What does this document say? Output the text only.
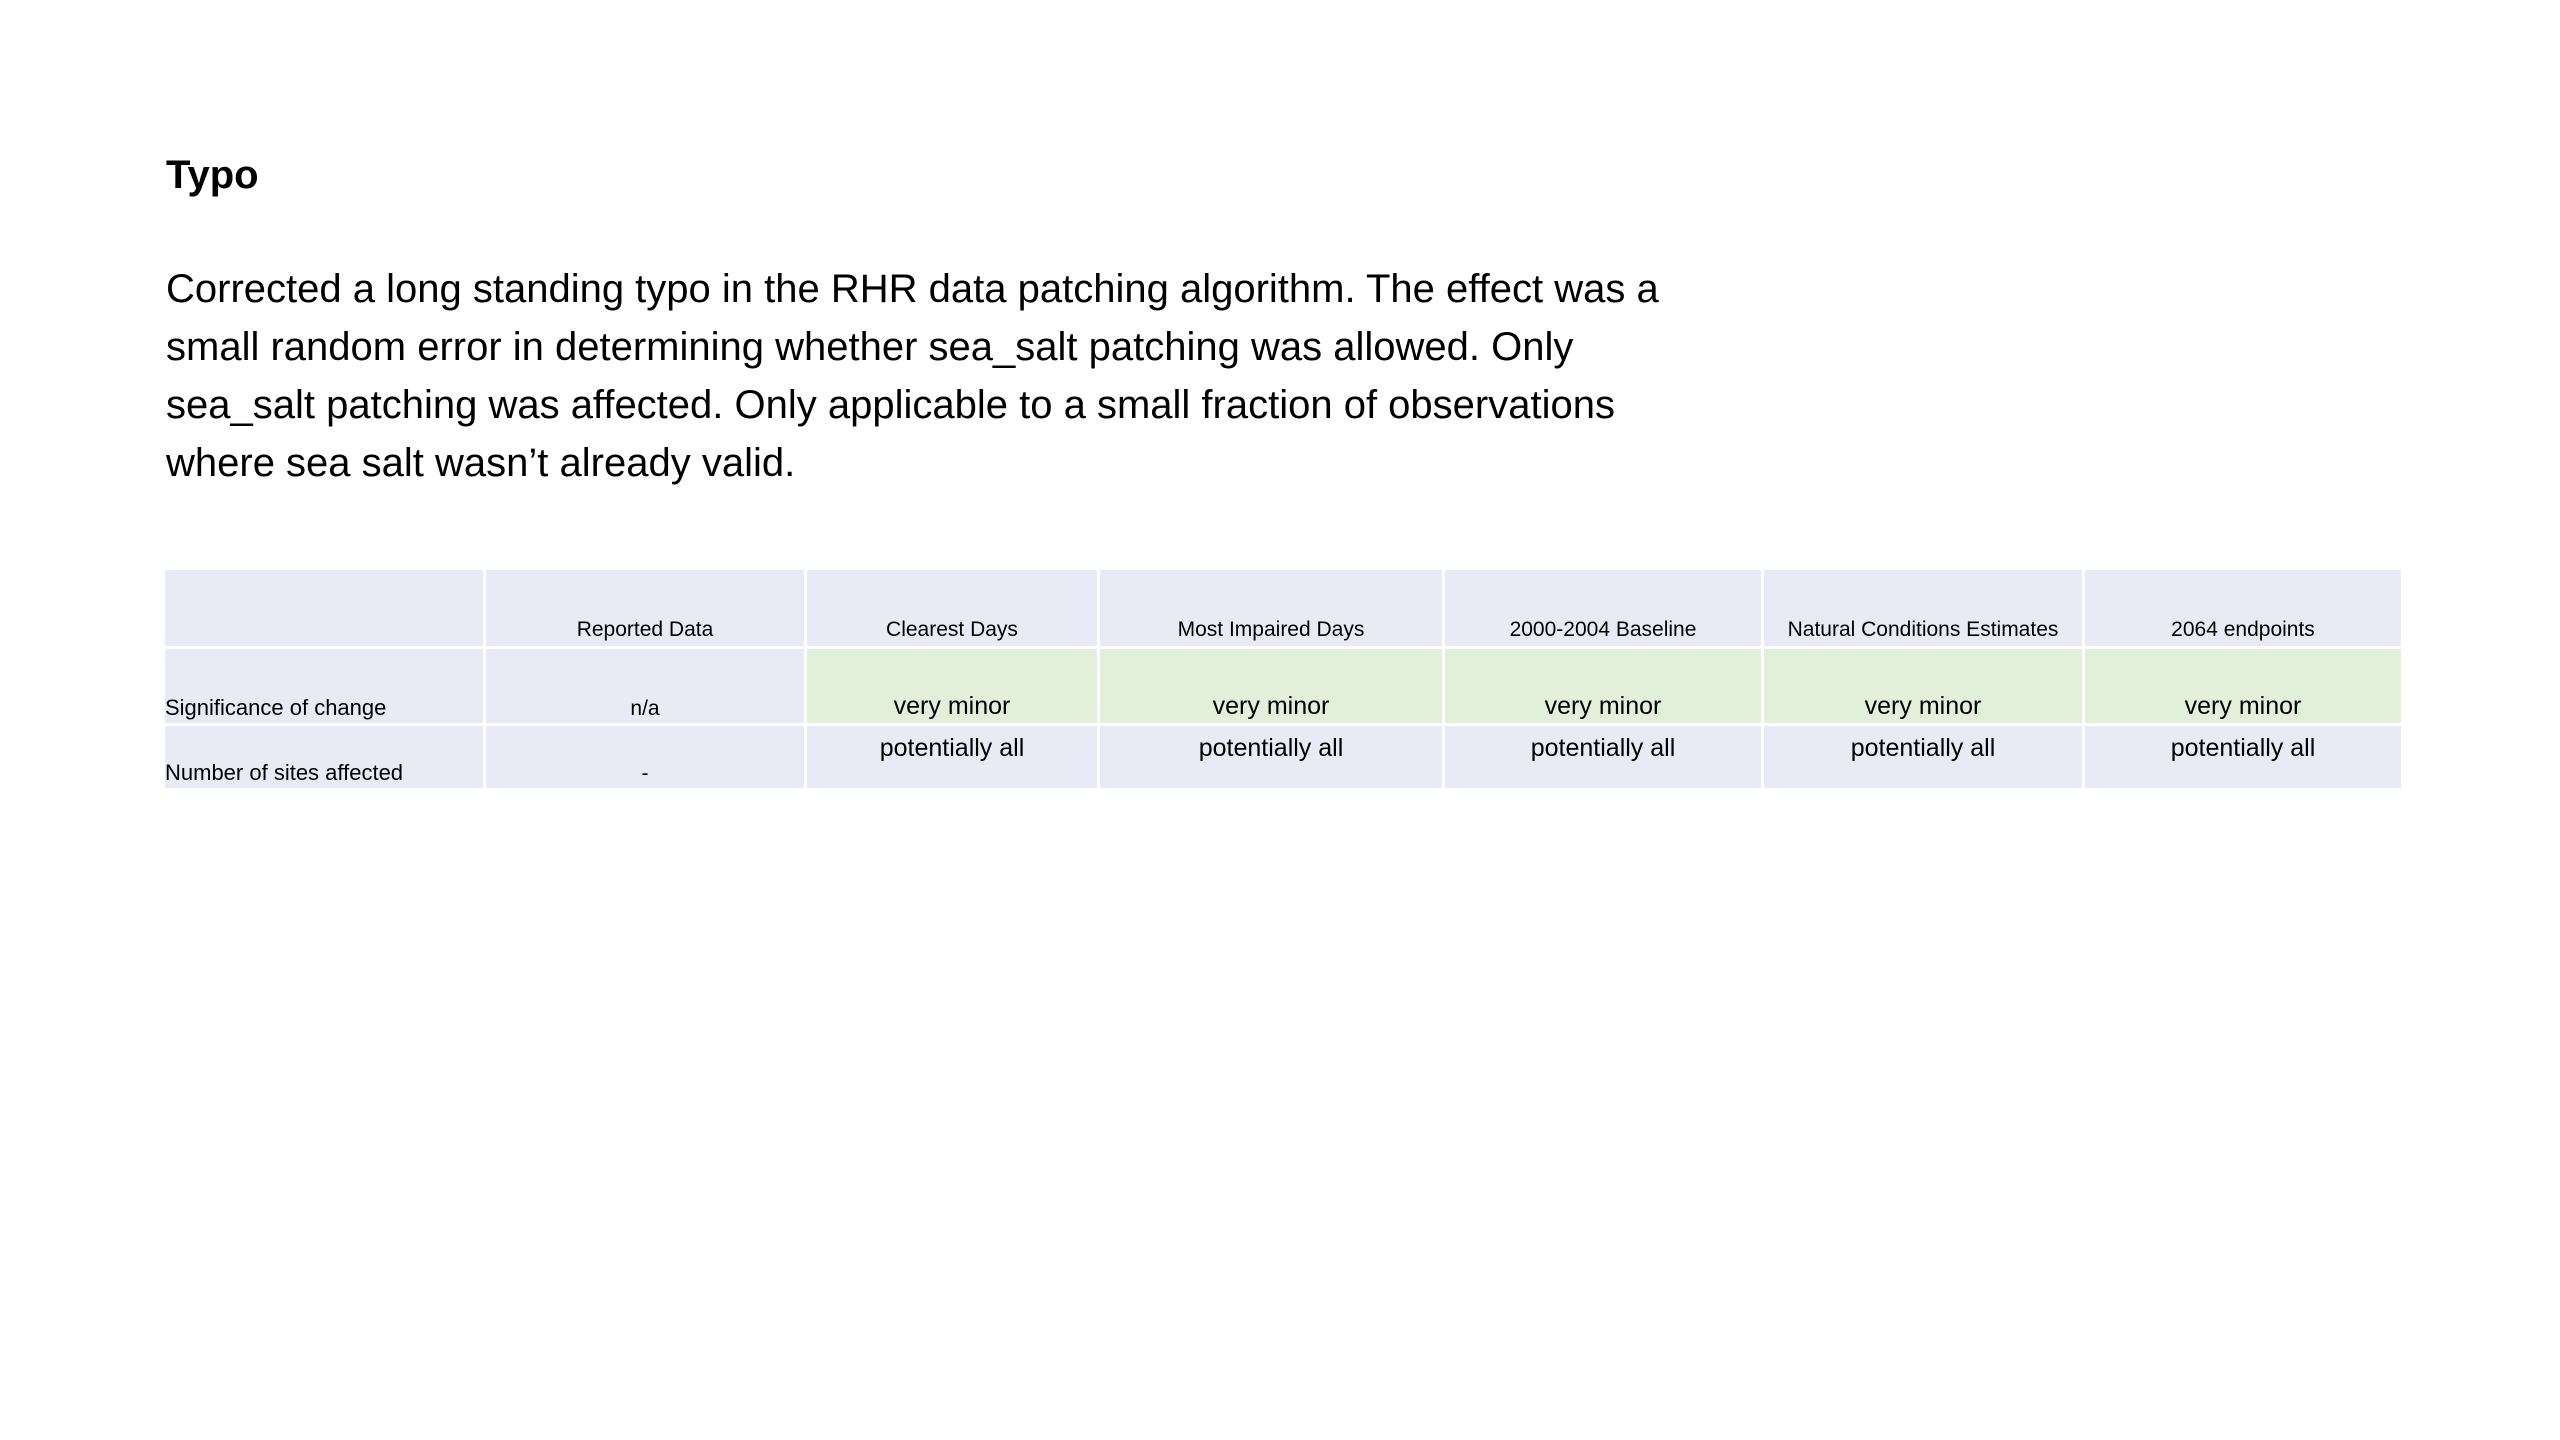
Typo

Corrected a long standing typo in the RHR data patching algorithm. The effect was a
small random error in determining whether sea_salt patching was allowed. Only
sea_salt patching was affected. Only applicable to a small fraction of observations
where sea salt wasn’t already valid.

	Reported Data	Clearest Days	Most Impaired Days	2000-2004 Baseline	Natural Conditions Estimates	2064 endpoints
Significance of change	n/a	very minor	very minor	very minor	very minor	very minor
Number of sites affected	-	potentially all	potentially all	potentially all	potentially all	potentially all
